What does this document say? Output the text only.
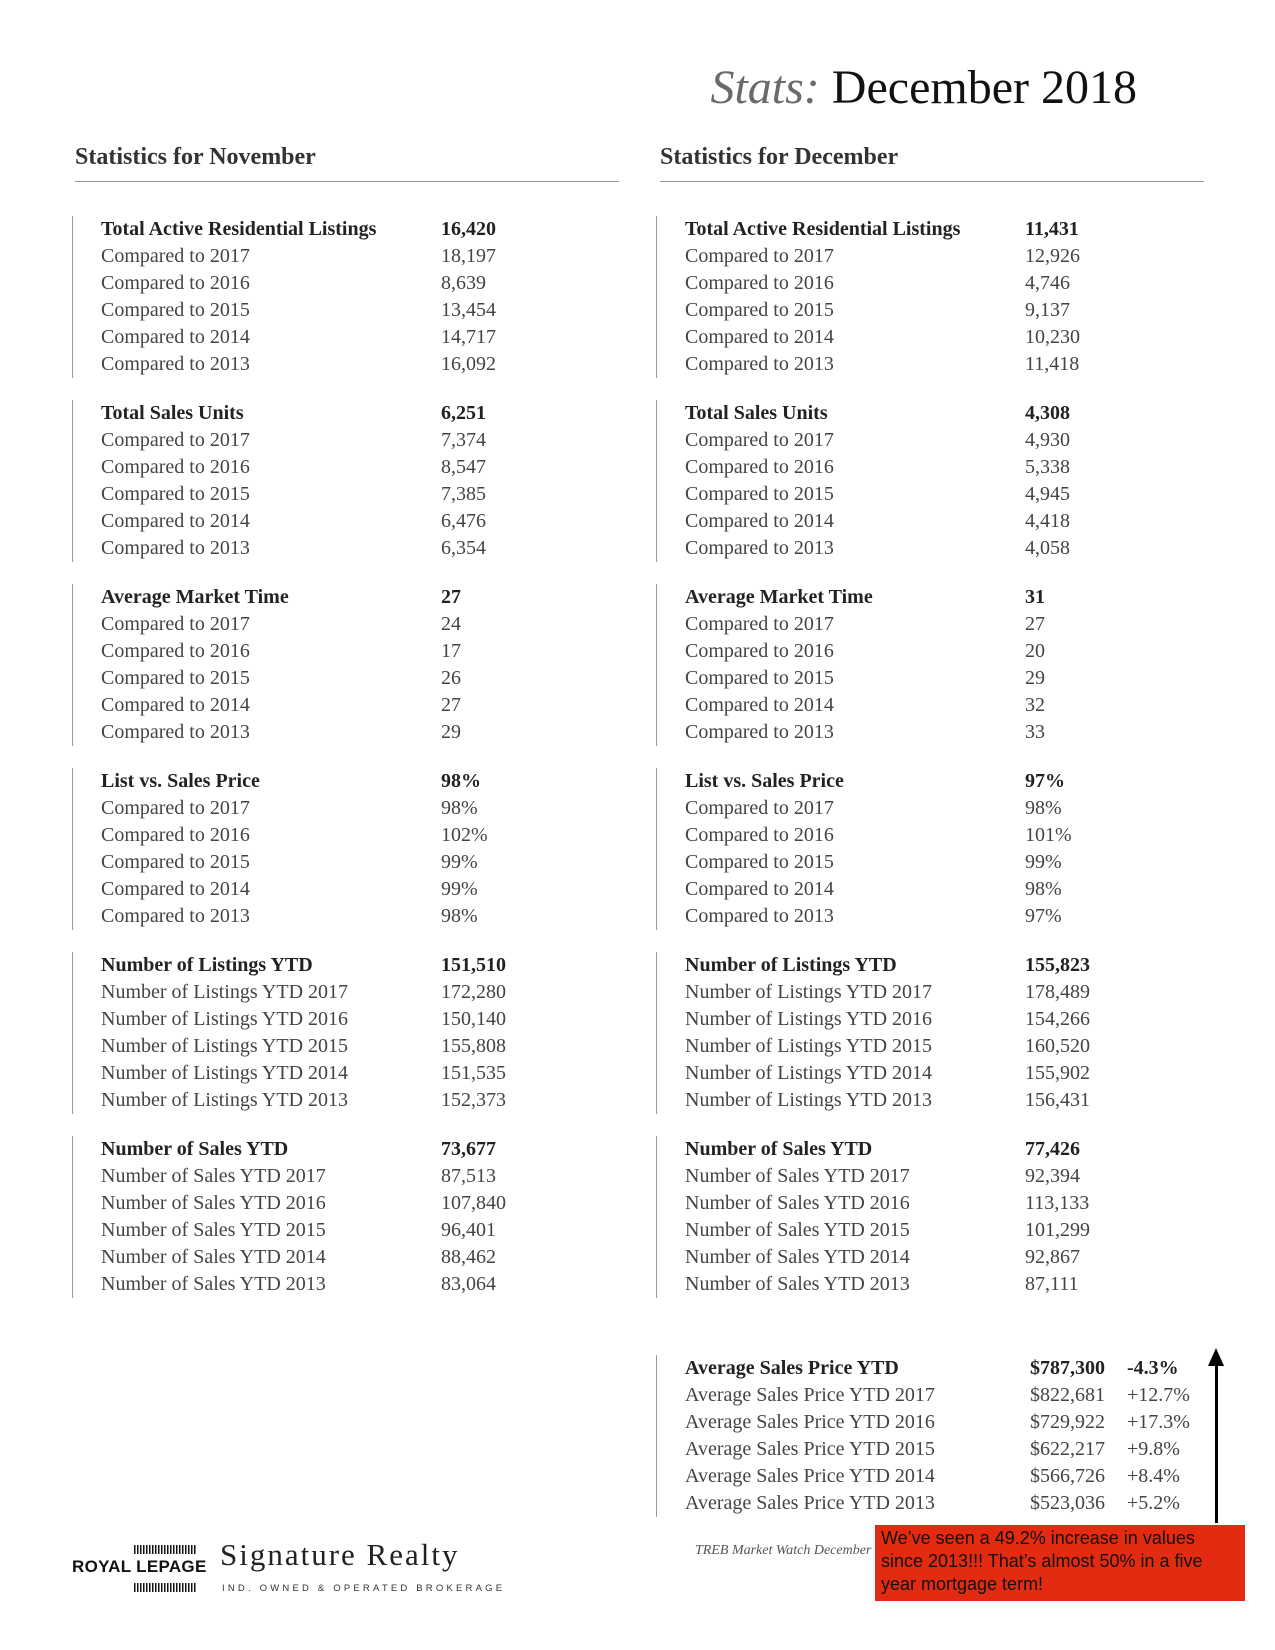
Stats: December 2018
Statistics for November	Statistics for December
Total Active Residential Listings	16,420
Compared to 2017	18,197
Compared to 2016	8,639
Compared to 2015	13,454
Compared to 2014	14,717
Compared to 2013	16,092
Total Sales Units	6,251
Compared to 2017	7,374
Compared to 2016	8,547
Compared to 2015	7,385
Compared to 2014	6,476
Compared to 2013	6,354
Average Market Time	27
Compared to 2017	24
Compared to 2016	17
Compared to 2015	26
Compared to 2014	27
Compared to 2013	29
List vs. Sales Price	98%
Compared to 2017	98%
Compared to 2016	102%
Compared to 2015	99%
Compared to 2014	99%
Compared to 2013	98%
Number of Listings YTD	151,510
Number of Listings YTD 2017	172,280
Number of Listings YTD 2016	150,140
Number of Listings YTD 2015	155,808
Number of Listings YTD 2014	151,535
Number of Listings YTD 2013	152,373
Number of Sales YTD	73,677
Number of Sales YTD 2017	87,513
Number of Sales YTD 2016	107,840
Number of Sales YTD 2015	96,401
Number of Sales YTD 2014	88,462
Number of Sales YTD 2013	83,064
Total Active Residential Listings	11,431
Compared to 2017	12,926
Compared to 2016	4,746
Compared to 2015	9,137
Compared to 2014	10,230
Compared to 2013	11,418
Total Sales Units	4,308
Compared to 2017	4,930
Compared to 2016	5,338
Compared to 2015	4,945
Compared to 2014	4,418
Compared to 2013	4,058
Average Market Time	31
Compared to 2017	27
Compared to 2016	20
Compared to 2015	29
Compared to 2014	32
Compared to 2013	33
List vs. Sales Price	97%
Compared to 2017	98%
Compared to 2016	101%
Compared to 2015	99%
Compared to 2014	98%
Compared to 2013	97%
Number of Listings YTD	155,823
Number of Listings YTD 2017	178,489
Number of Listings YTD 2016	154,266
Number of Listings YTD 2015	160,520
Number of Listings YTD 2014	155,902
Number of Listings YTD 2013	156,431
Number of Sales YTD	77,426
Number of Sales YTD 2017	92,394
Number of Sales YTD 2016	113,133
Number of Sales YTD 2015	101,299
Number of Sales YTD 2014	92,867
Number of Sales YTD 2013	87,111
Average Sales Price YTD	$787,300	-4.3%
Average Sales Price YTD 2017	$822,681	+12.7%
Average Sales Price YTD 2016	$729,922	+17.3%
Average Sales Price YTD 2015	$622,217	+9.8%
Average Sales Price YTD 2014	$566,726	+8.4%
Average Sales Price YTD 2013	$523,036	+5.2%
We’ve seen a 49.2% increase in values since 2013!!! That’s almost 50% in a five year mortgage term!
TREB Market Watch December
ROYAL LEPAGE Signature Realty
IND. OWNED & OPERATED BROKERAGE
